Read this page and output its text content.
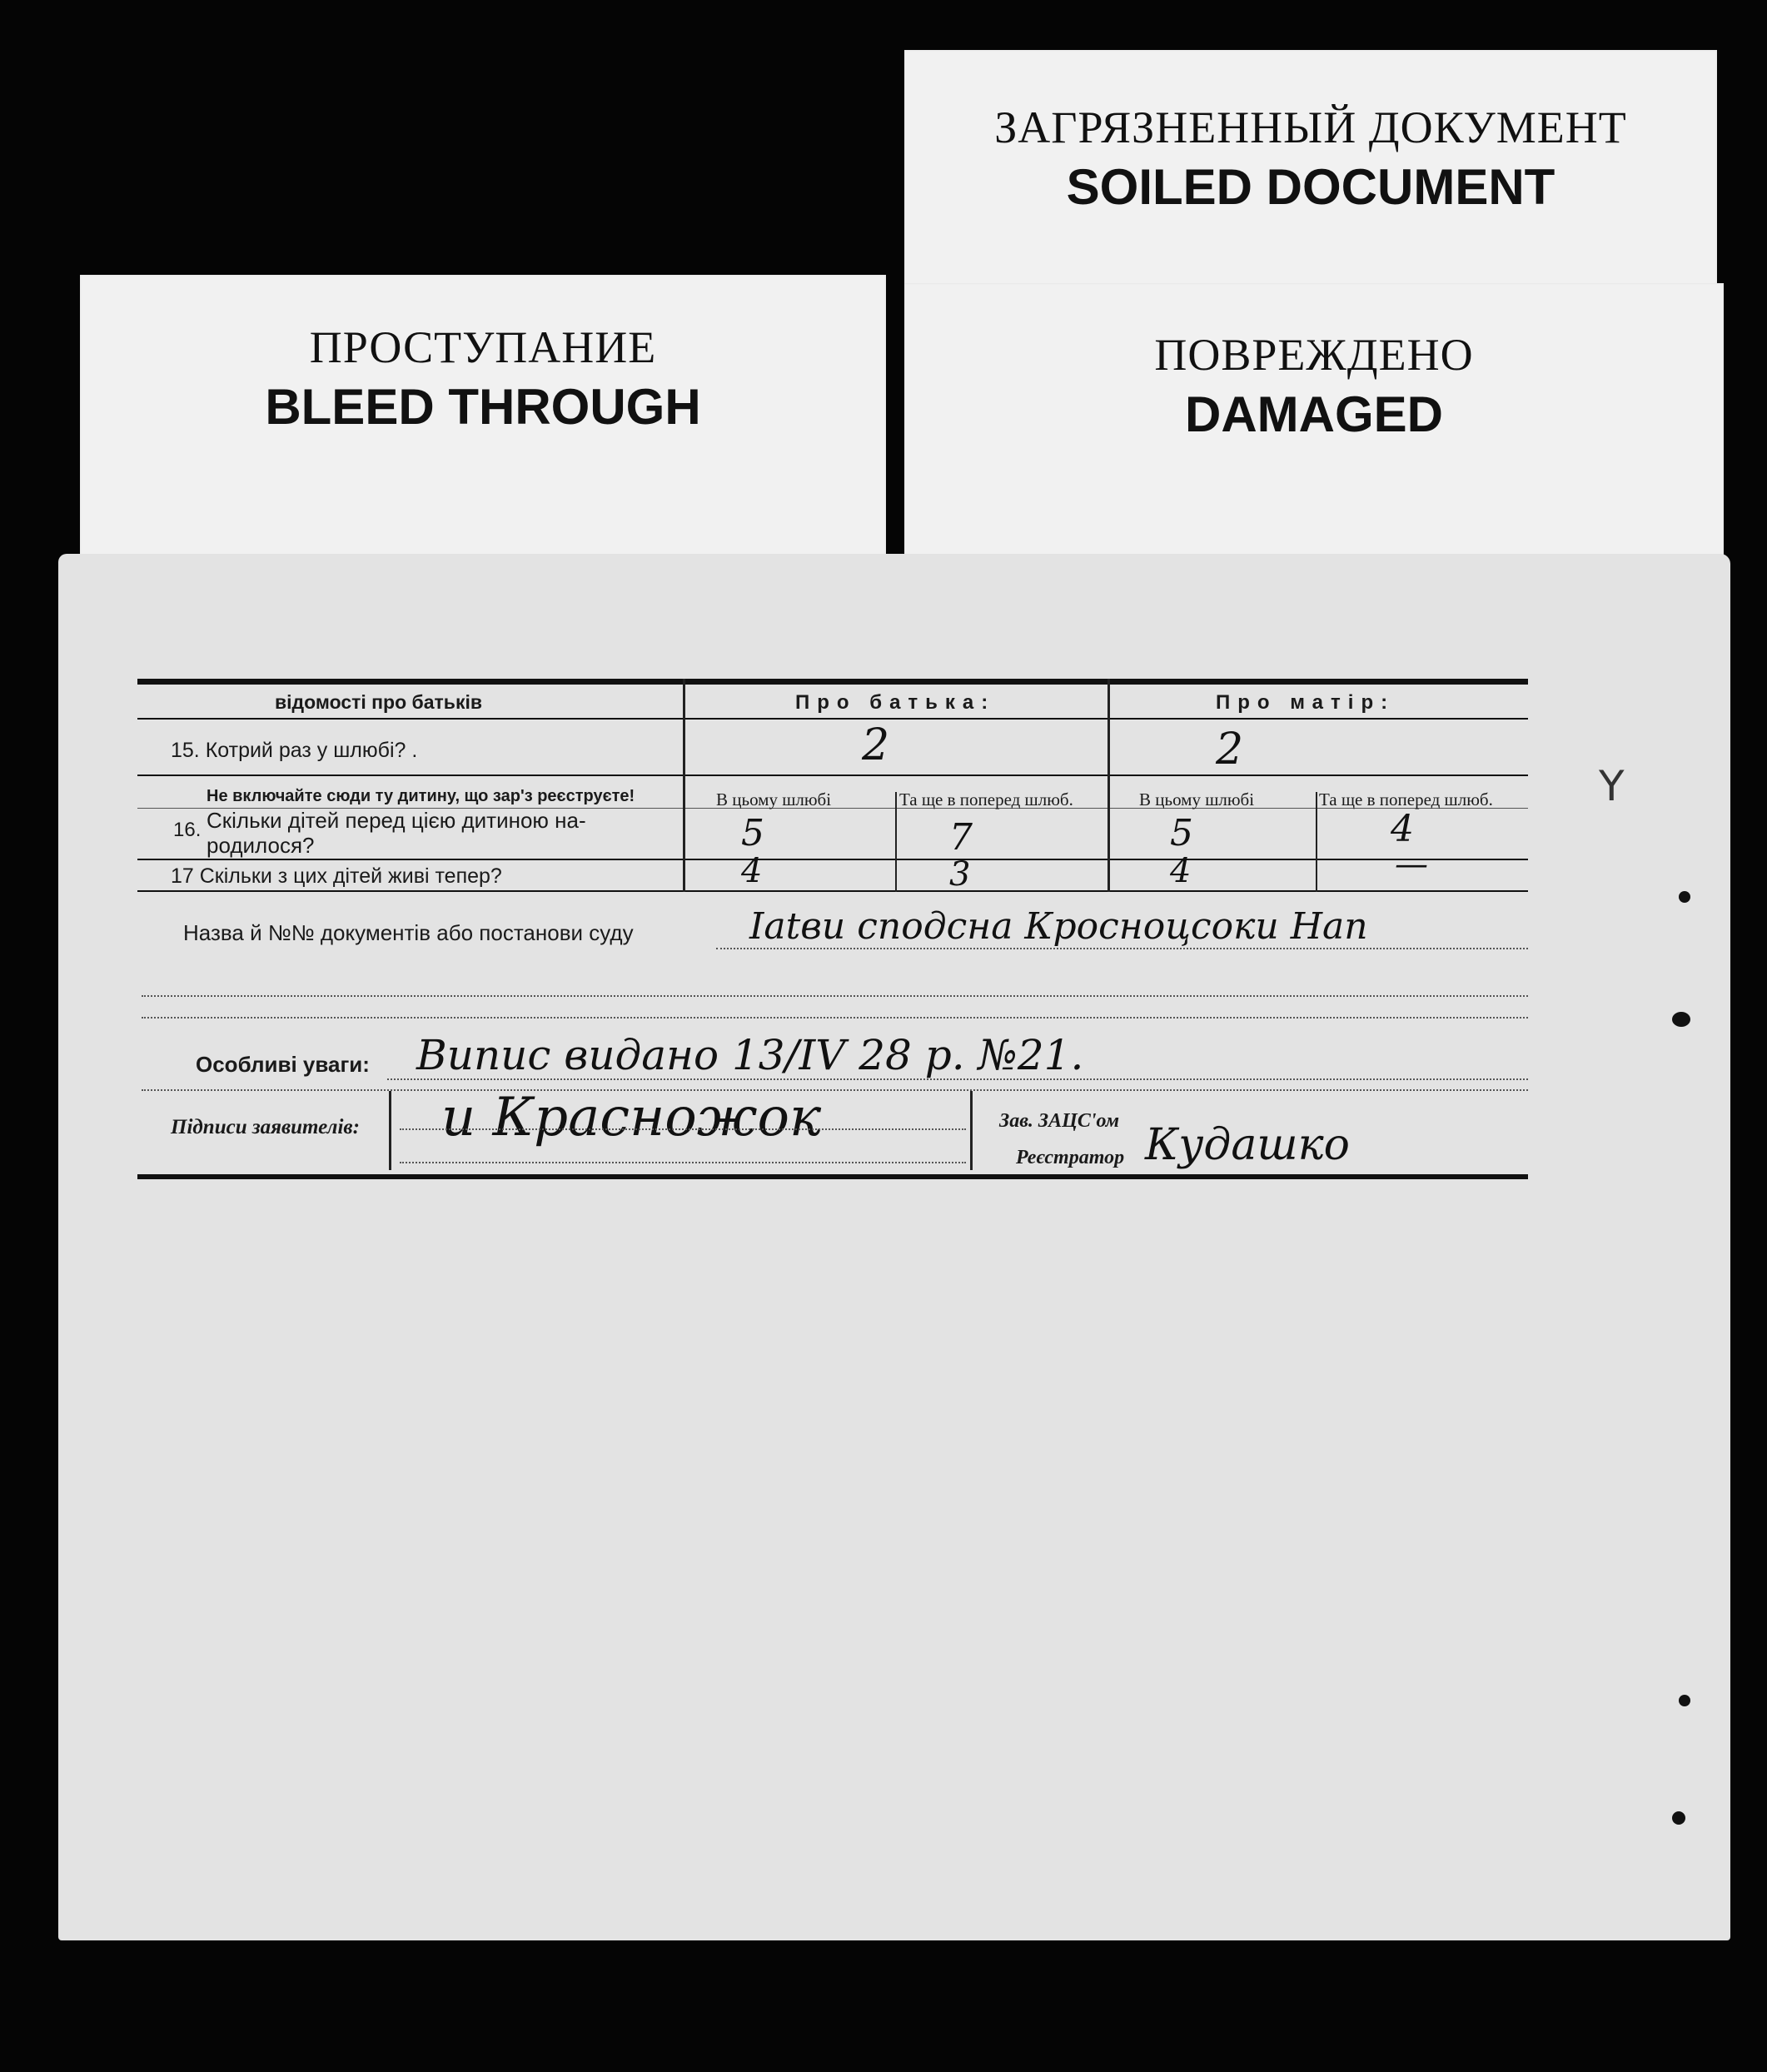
ЗАГРЯЗНЕННЫЙ ДОКУМЕНТ
SOILED DOCUMENT
ПРОСТУПАНИЕ
BLEED THROUGH
ПОВРЕЖДЕНО
DAMAGED
відомості про батьків	Про батька:	Про матір:
15. Котрий раз у шлюбі? .	2	2
Не включайте сюди ту дитину, що зар'з реєструєте!	В цьому шлюбі	Та ще в поперед шлюб.	В цьому шлюбі	Та ще в поперед шлюб.
16. Скільки дітей перед цією дитиною на-
родилося?	5	7	5	4
17 Скільки з цих дітей живі тепер?	4	3	4	—
Назва й №№ документів або постанови суду	Іаtви cподсна Кросноцсоки Нап
Особливі уваги: Випис видано 13/IV 28 р. №21.
Підписи заявителів: и Красножок	Зав. ЗАЦС'ом
Реєстратор Кудашко
Y
